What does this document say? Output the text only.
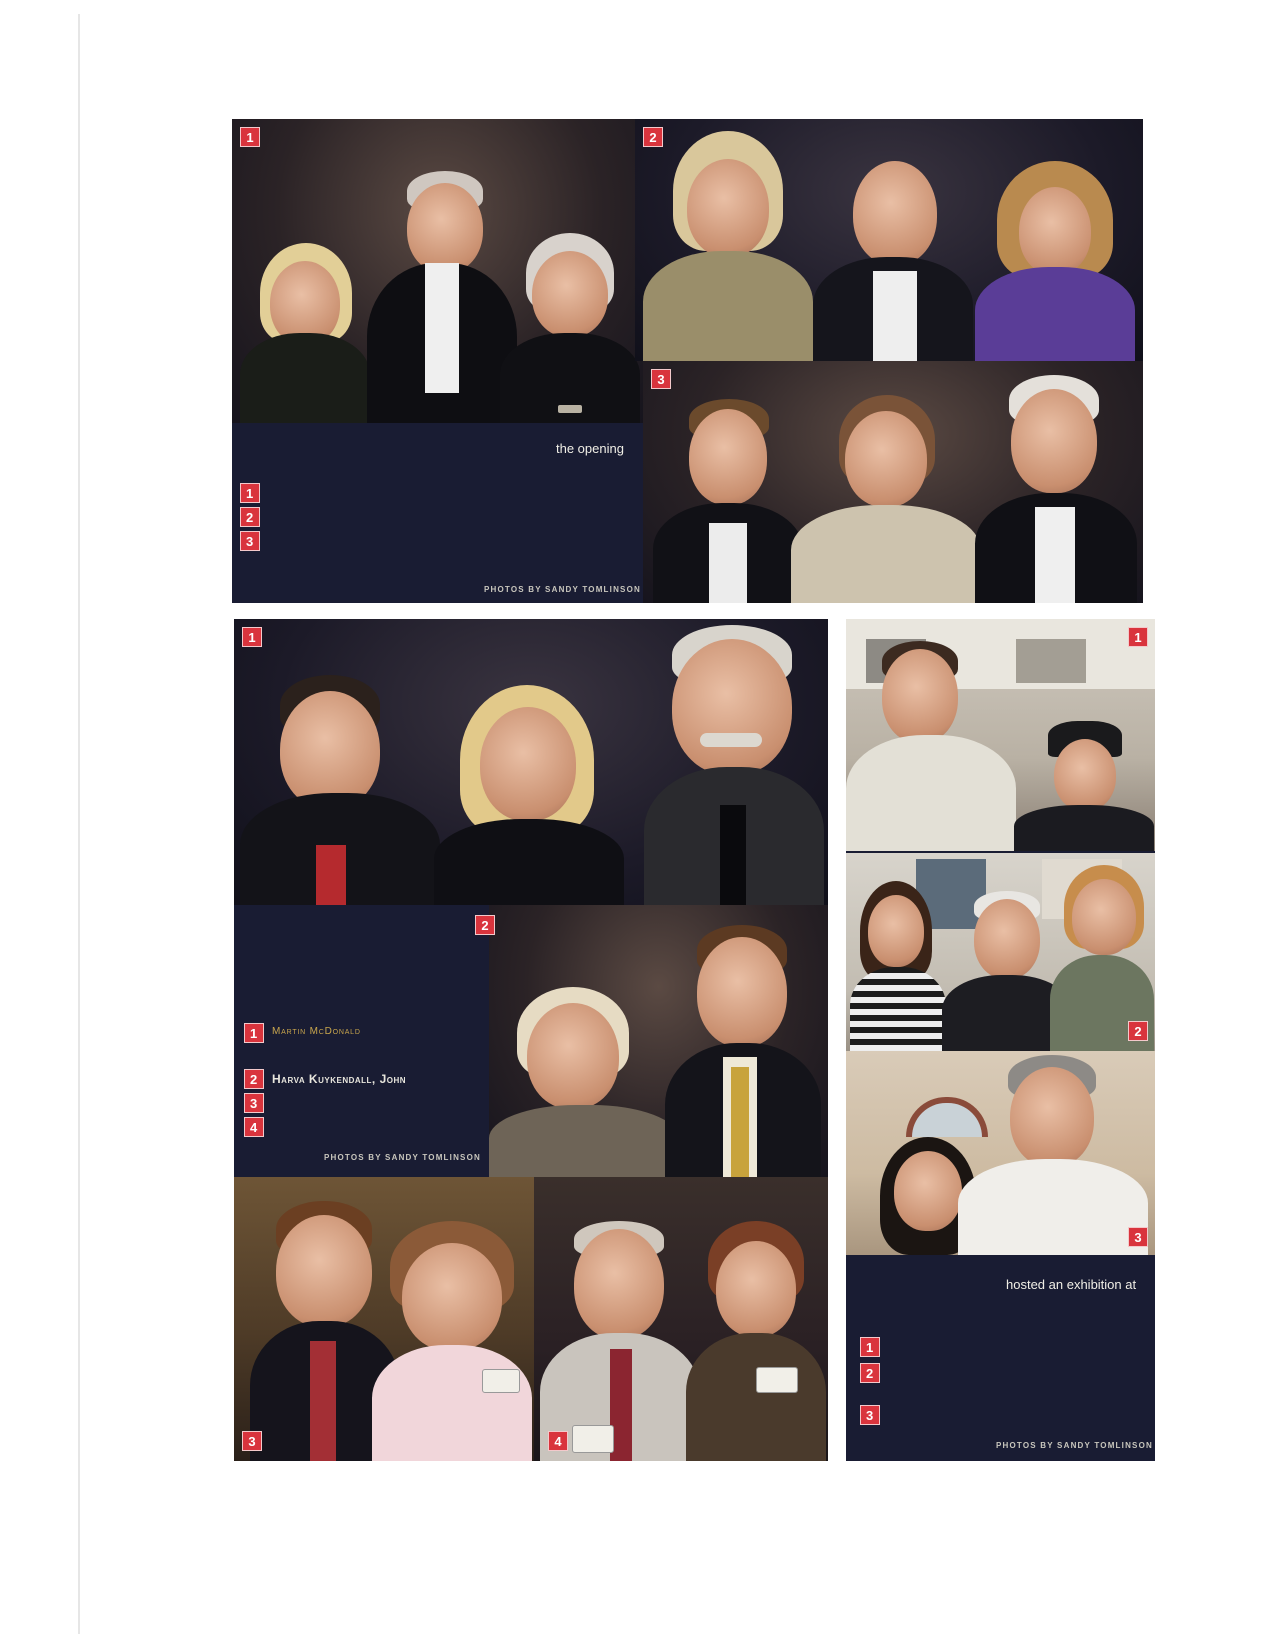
1	2
3
the opening
1
2
3
PHOTOS BY SANDY TOMLINSON
1
2
1	Martin McDonald
2	Harva Kuykendall, John
3
4
PHOTOS BY SANDY TOMLINSON
3	4
1
2
3
hosted an exhibition at
1
2
3
PHOTOS BY SANDY TOMLINSON
